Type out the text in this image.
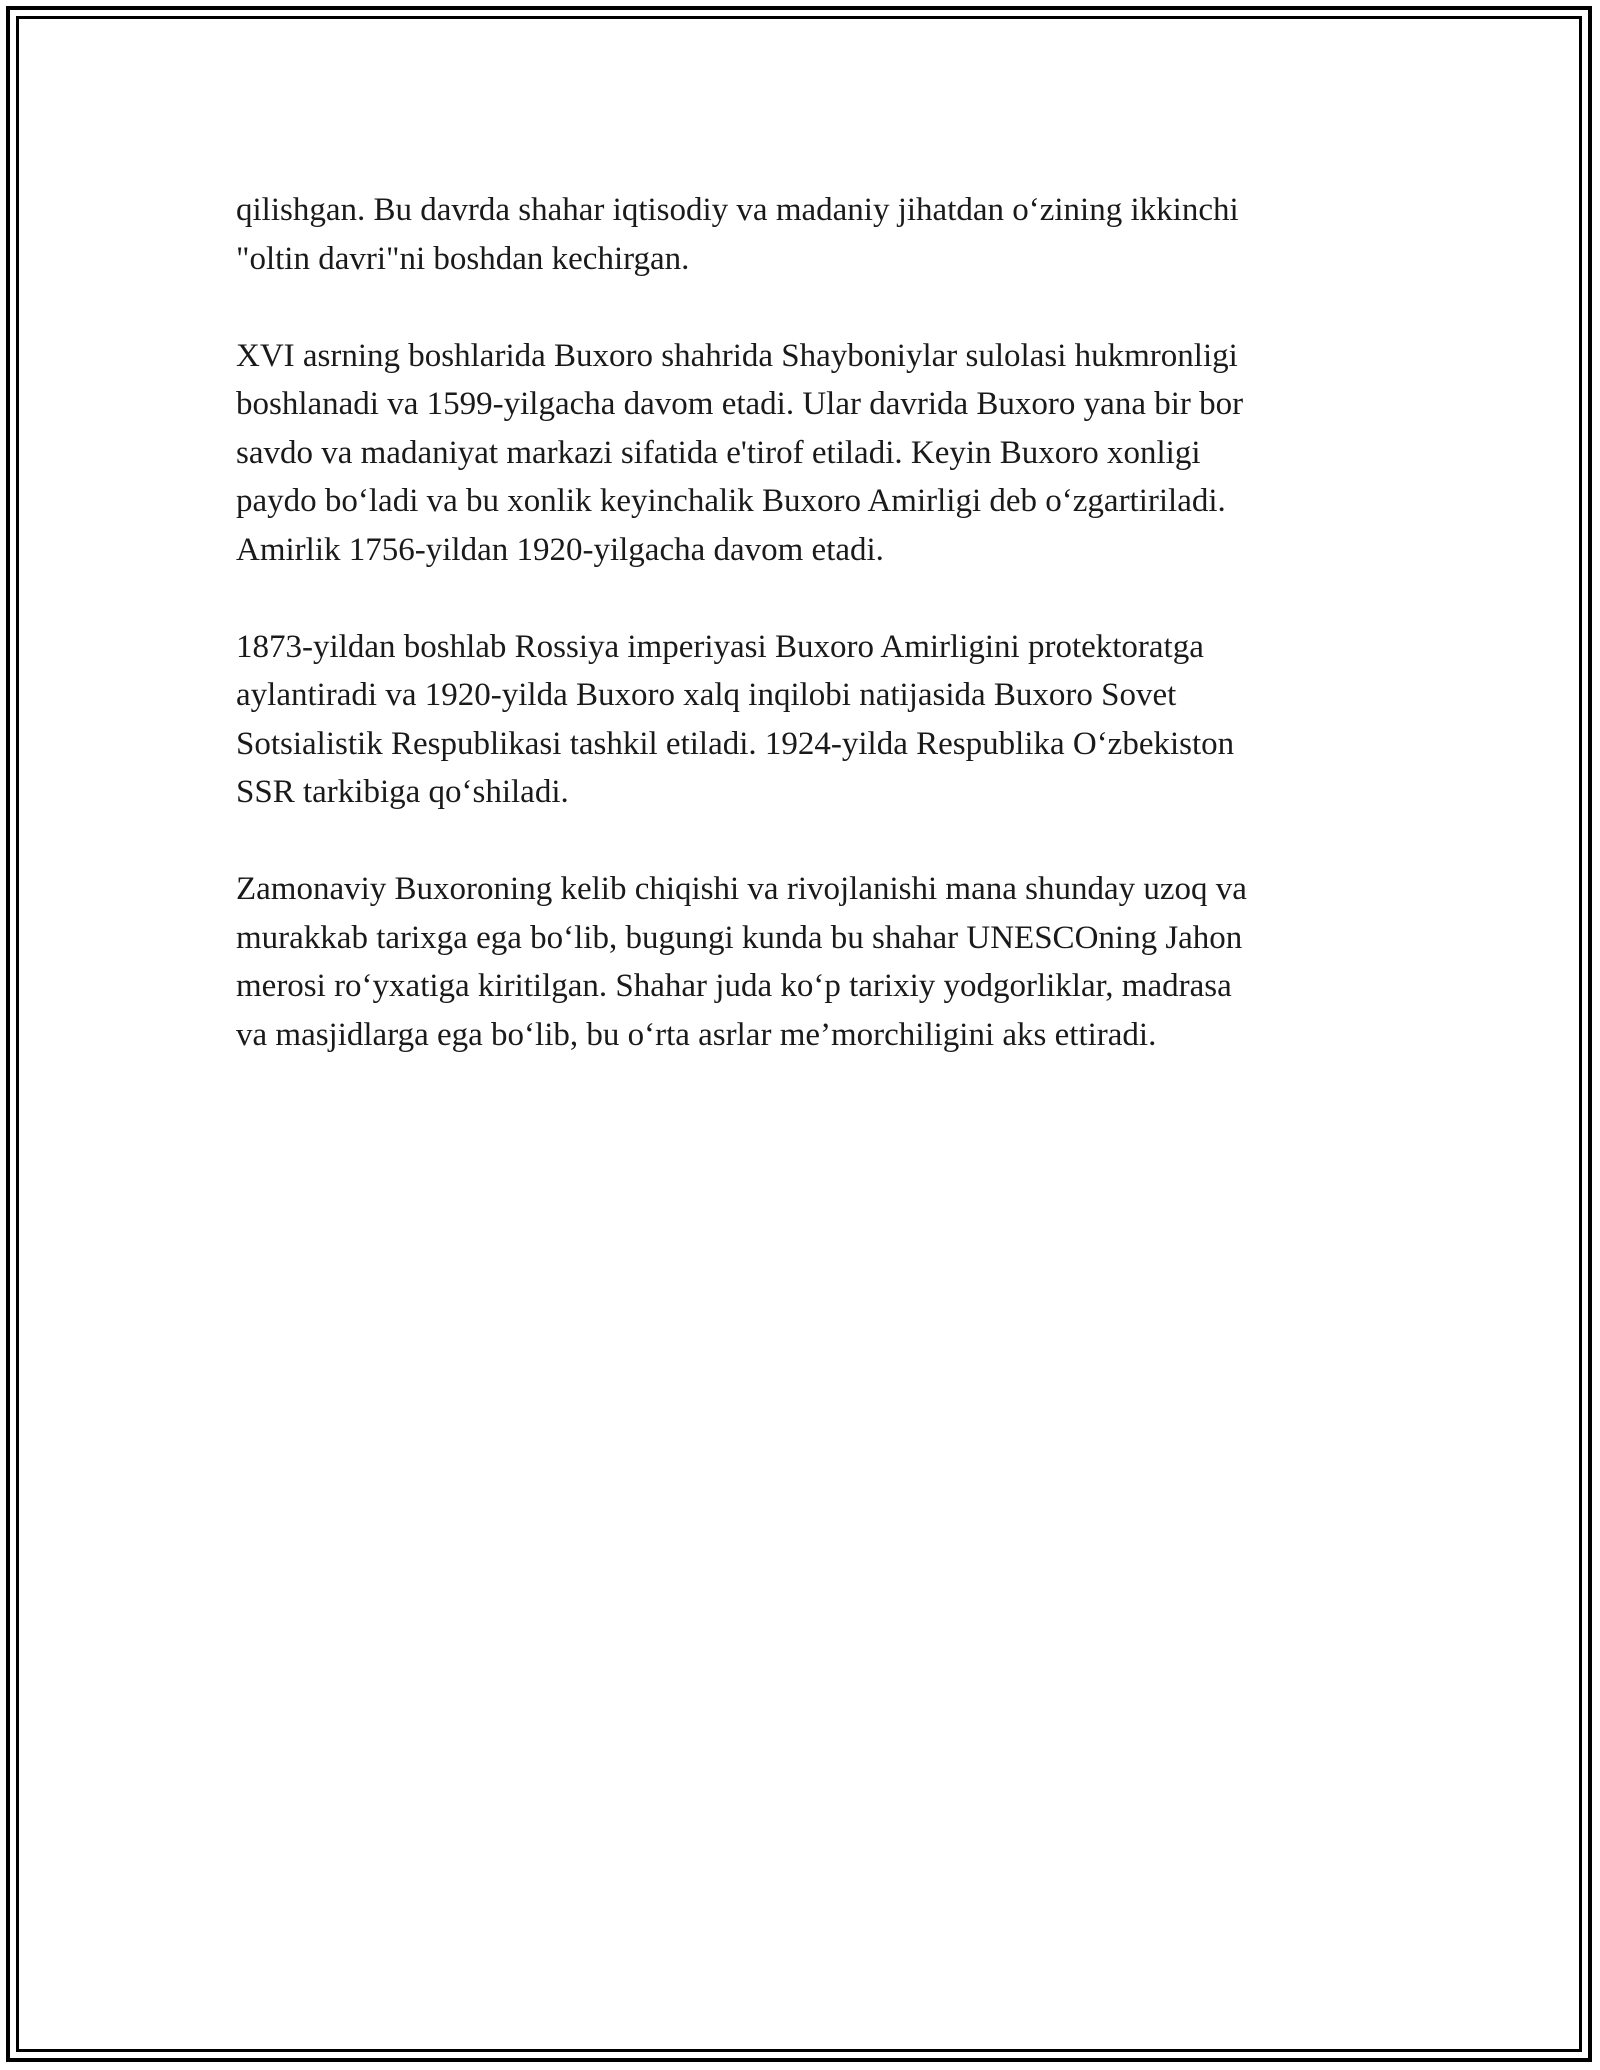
qilishgan. Bu davrda shahar iqtisodiy va madaniy jihatdan o‘zining ikkinchi
"oltin davri"ni boshdan kechirgan.

XVI asrning boshlarida Buxoro shahrida Shayboniylar sulolasi hukmronligi
boshlanadi va 1599-yilgacha davom etadi. Ular davrida Buxoro yana bir bor
savdo va madaniyat markazi sifatida e'tirof etiladi. Keyin Buxoro xonligi
paydo bo‘ladi va bu xonlik keyinchalik Buxoro Amirligi deb o‘zgartiriladi.
Amirlik 1756-yildan 1920-yilgacha davom etadi.

1873-yildan boshlab Rossiya imperiyasi Buxoro Amirligini protektoratga
aylantiradi va 1920-yilda Buxoro xalq inqilobi natijasida Buxoro Sovet
Sotsialistik Respublikasi tashkil etiladi. 1924-yilda Respublika O‘zbekiston
SSR tarkibiga qo‘shiladi.

Zamonaviy Buxoroning kelib chiqishi va rivojlanishi mana shunday uzoq va
murakkab tarixga ega bo‘lib, bugungi kunda bu shahar UNESCOning Jahon
merosi ro‘yxatiga kiritilgan. Shahar juda ko‘p tarixiy yodgorliklar, madrasa
va masjidlarga ega bo‘lib, bu o‘rta asrlar me’morchiligini aks ettiradi.
